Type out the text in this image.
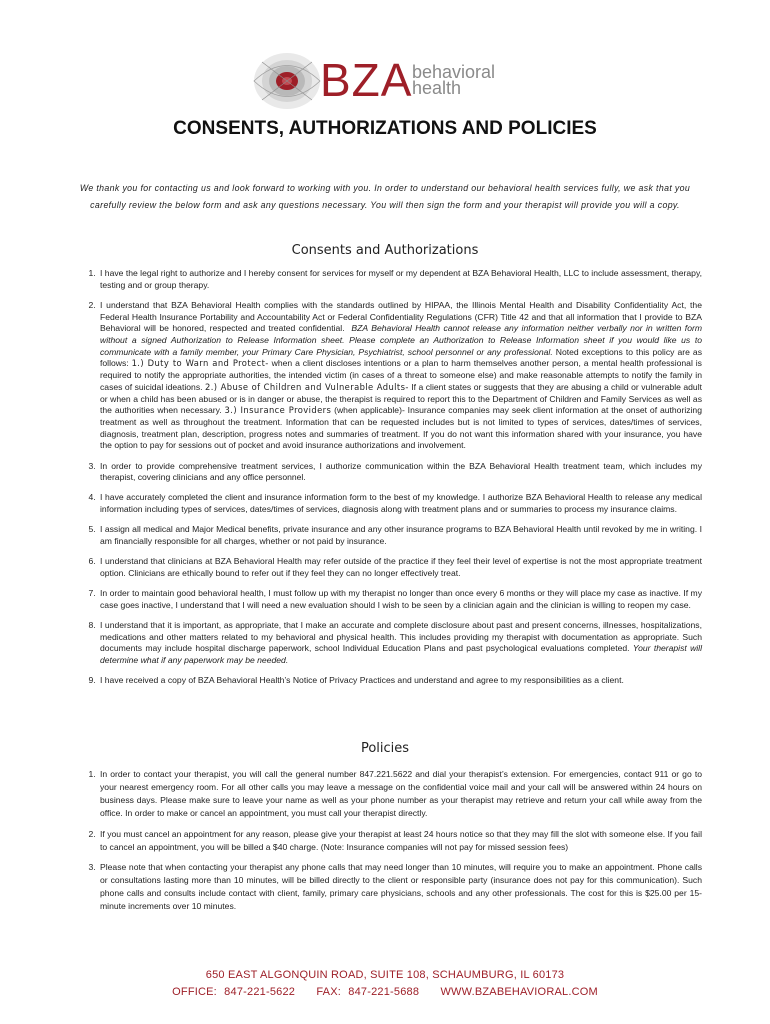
BZA behavioral
health
CONSENTS, AUTHORIZATIONS AND POLICIES
We thank you for contacting us and look forward to working with you. In order to understand our behavioral health services fully, we ask that you carefully review the below form and ask any questions necessary. You will then sign the form and your therapist will provide you will a copy.
Consents and Authorizations
1. I have the legal right to authorize and I hereby consent for services for myself or my dependent at BZA Behavioral Health, LLC to include assessment, therapy, testing and or group therapy.
2. I understand that BZA Behavioral Health complies with the standards outlined by HIPAA, the Illinois Mental Health and Disability Confidentiality Act, the Federal Health Insurance Portability and Accountability Act or Federal Confidentiality Regulations (CFR) Title 42 and that all information that I provide to BZA Behavioral will be honored, respected and treated confidential. BZA Behavioral Health cannot release any information neither verbally nor in written form without a signed Authorization to Release Information sheet. Please complete an Authorization to Release Information sheet if you would like us to communicate with a family member, your Primary Care Physician, Psychiatrist, school personnel or any professional. Noted exceptions to this policy are as follows: 1.) Duty to Warn and Protect- when a client discloses intentions or a plan to harm themselves another person, a mental health professional is required to notify the appropriate authorities, the intended victim (in cases of a threat to someone else) and make reasonable attempts to notify the family in cases of suicidal ideations. 2.) Abuse of Children and Vulnerable Adults- If a client states or suggests that they are abusing a child or vulnerable adult or when a child has been abused or is in danger or abuse, the therapist is required to report this to the Department of Children and Family Services as well as the authorities when necessary. 3.) Insurance Providers (when applicable)- Insurance companies may seek client information at the onset of authorizing treatment as well as throughout the treatment. Information that can be requested includes but is not limited to types of services, dates/times of services, diagnosis, treatment plan, description, progress notes and summaries of treatment. If you do not want this information shared with your insurance, you have the option to pay for sessions out of pocket and avoid insurance authorizations and involvement.
3. In order to provide comprehensive treatment services, I authorize communication within the BZA Behavioral Health treatment team, which includes my therapist, covering clinicians and any office personnel.
4. I have accurately completed the client and insurance information form to the best of my knowledge. I authorize BZA Behavioral Health to release any medical information including types of services, dates/times of services, diagnosis along with treatment plans and or summaries to process my insurance claims.
5. I assign all medical and Major Medical benefits, private insurance and any other insurance programs to BZA Behavioral Health until revoked by me in writing. I am financially responsible for all charges, whether or not paid by insurance.
6. I understand that clinicians at BZA Behavioral Health may refer outside of the practice if they feel their level of expertise is not the most appropriate treatment option. Clinicians are ethically bound to refer out if they feel they can no longer effectively treat.
7. In order to maintain good behavioral health, I must follow up with my therapist no longer than once every 6 months or they will place my case as inactive. If my case goes inactive, I understand that I will need a new evaluation should I wish to be seen by a clinician again and the clinician is willing to reopen my case.
8. I understand that it is important, as appropriate, that I make an accurate and complete disclosure about past and present concerns, illnesses, hospitalizations, medications and other matters related to my behavioral and physical health. This includes providing my therapist with documentation as appropriate. Such documents may include hospital discharge paperwork, school Individual Education Plans and past psychological evaluations completed. Your therapist will determine what if any paperwork may be needed.
9. I have received a copy of BZA Behavioral Health’s Notice of Privacy Practices and understand and agree to my responsibilities as a client.
Policies
1. In order to contact your therapist, you will call the general number 847.221.5622 and dial your therapist’s extension. For emergencies, contact 911 or go to your nearest emergency room. For all other calls you may leave a message on the confidential voice mail and your call will be answered within 24 hours on business days. Please make sure to leave your name as well as your phone number as your therapist may retrieve and return your call while away from the office. In order to make or cancel an appointment, you must call your therapist directly.
2. If you must cancel an appointment for any reason, please give your therapist at least 24 hours notice so that they may fill the slot with someone else. If you fail to cancel an appointment, you will be billed a $40 charge. (Note: Insurance companies will not pay for missed session fees)
3. Please note that when contacting your therapist any phone calls that may need longer than 10 minutes, will require you to make an appointment. Phone calls or consultations lasting more than 10 minutes, will be billed directly to the client or responsible party (insurance does not pay for this communication). Such phone calls and consults include contact with client, family, primary care physicians, schools and any other professionals. The cost for this is $25.00 per 15-minute increments over 10 minutes.
650 EAST ALGONQUIN ROAD, SUITE 108, SCHAUMBURG, IL 60173
OFFICE: 847-221-5622 FAX: 847-221-5688 WWW.BZABEHAVIORAL.COM
